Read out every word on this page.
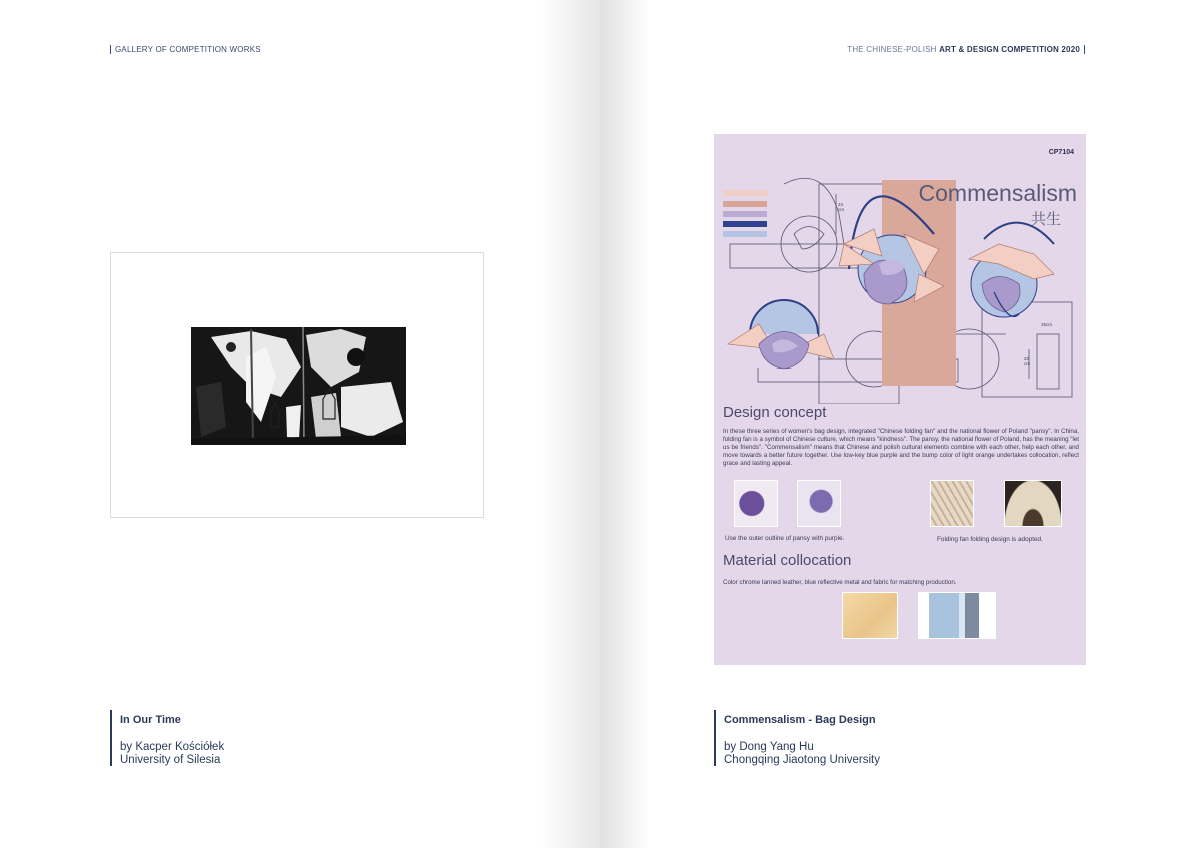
GALLERY OF COMPETITION WORKS
In Our Time
by Kacper Kościółek
University of Silesia
THE CHINESE-POLISH ART & DESIGN COMPETITION 2020
Commensalism - Bag Design
by Dong Yang Hu
Chongqing Jiaotong University
CP7104
Commensalism
共生
24 cm
15cm
20 cm
Design concept
In these three series of women's bag design, integrated "Chinese folding fan" and the national flower of Poland "pansy". In China, folding fan is a symbol of Chinese culture, which means "kindness". The pansy, the national flower of Poland, has the meaning "let us be friends". "Commensalism" means that Chinese and polish cultural elements combine with each other, help each other, and move towards a better future together. Use low-key blue purple and the bump color of light orange undertakes collocation, reflect grace and lasting appeal.
Use the outer outline of pansy with purple.	Folding fan folding design is adopted.
Material collocation
Color chrome tanned leather, blue reflective metal and fabric for matching production.
